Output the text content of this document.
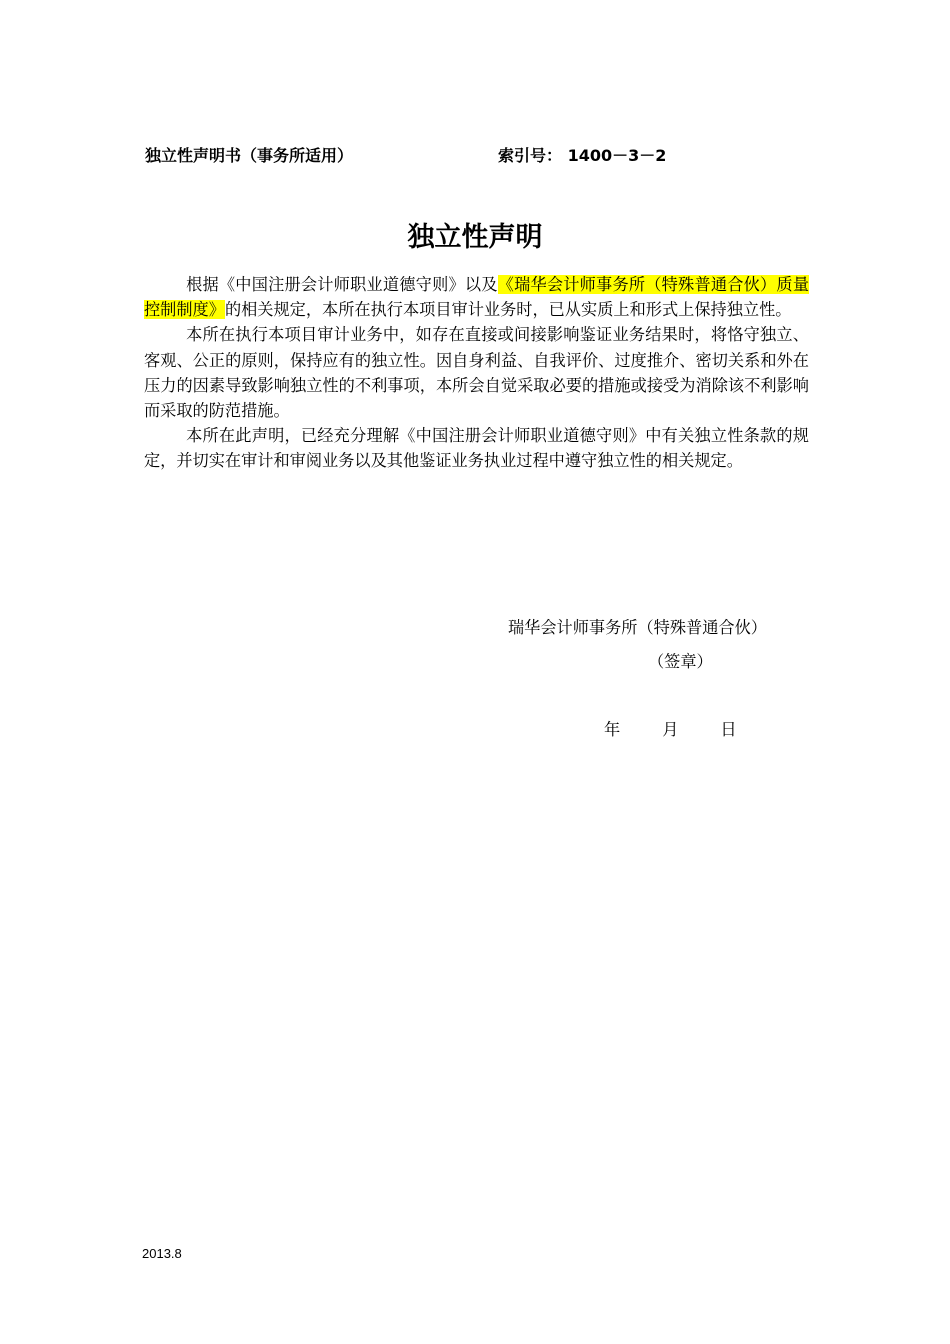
独立性声明书（事务所适用）	索引号： 1400－3－2
独立性声明

根据《中国注册会计师职业道德守则》以及《瑞华会计师事务所（特殊普通合伙）质量控制制度》的相关规定，本所在执行本项目审计业务时，已从实质上和形式上保持独立性。

本所在执行本项目审计业务中，如存在直接或间接影响鉴证业务结果时，将恪守独立、客观、公正的原则，保持应有的独立性。因自身利益、自我评价、过度推介、密切关系和外在压力的因素导致影响独立性的不利事项，本所会自觉采取必要的措施或接受为消除该不利影响而采取的防范措施。

本所在此声明，已经充分理解《中国注册会计师职业道德守则》中有关独立性条款的规定，并切实在审计和审阅业务以及其他鉴证业务执业过程中遵守独立性的相关规定。

瑞华会计师事务所（特殊普通合伙）
（签章）
年	月	日
2013.8
